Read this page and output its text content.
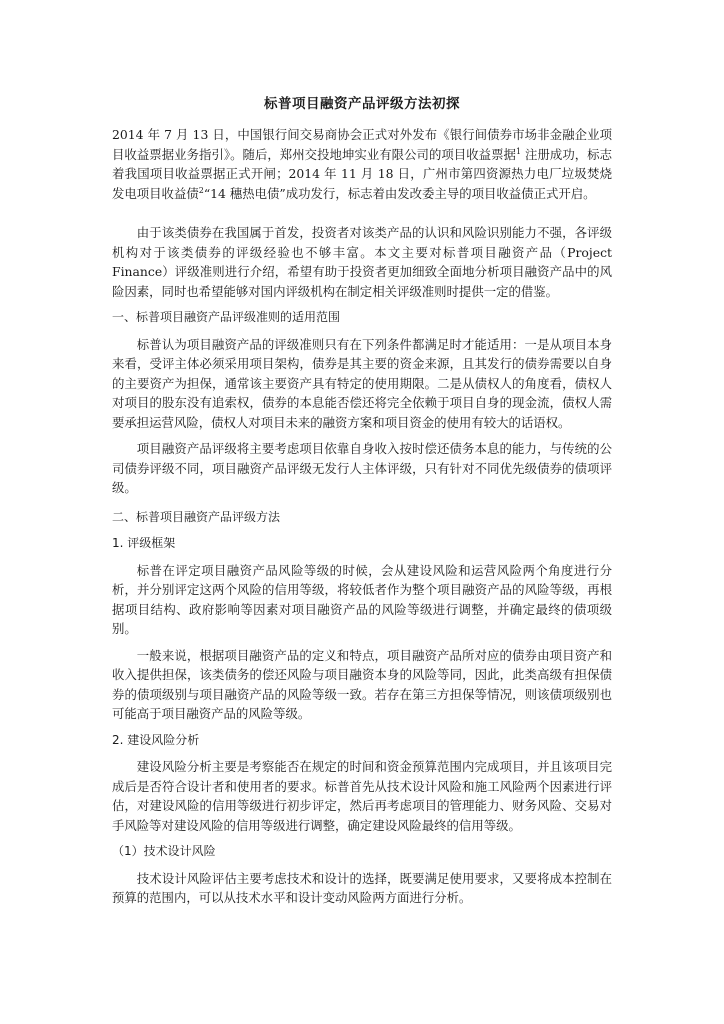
标普项目融资产品评级方法初探

2014 年 7 月 13 日，中国银行间交易商协会正式对外发布《银行间债券市场非金融企业项目收益票据业务指引》。随后，郑州交投地坤实业有限公司的项目收益票据$^1$ 注册成功，标志着我国项目收益票据正式开闸；2014 年 11 月 18 日，广州市第四资源热力电厂垃圾焚烧发电项目收益债$^2$“14 穗热电债”成功发行，标志着由发改委主导的项目收益债正式开启。

由于该类债券在我国属于首发，投资者对该类产品的认识和风险识别能力不强，各评级机构对于该类债券的评级经验也不够丰富。本文主要对标普项目融资产品（Project Finance）评级准则进行介绍，希望有助于投资者更加细致全面地分析项目融资产品中的风险因素，同时也希望能够对国内评级机构在制定相关评级准则时提供一定的借鉴。

一、标普项目融资产品评级准则的适用范围

标普认为项目融资产品的评级准则只有在下列条件都满足时才能适用：一是从项目本身来看，受评主体必须采用项目架构，债券是其主要的资金来源，且其发行的债券需要以自身的主要资产为担保，通常该主要资产具有特定的使用期限。二是从债权人的角度看，债权人对项目的股东没有追索权，债券的本息能否偿还将完全依赖于项目自身的现金流，债权人需要承担运营风险，债权人对项目未来的融资方案和项目资金的使用有较大的话语权。

项目融资产品评级将主要考虑项目依靠自身收入按时偿还债务本息的能力，与传统的公司债券评级不同，项目融资产品评级无发行人主体评级，只有针对不同优先级债券的债项评级。

二、标普项目融资产品评级方法

1. 评级框架

标普在评定项目融资产品风险等级的时候，会从建设风险和运营风险两个角度进行分析，并分别评定这两个风险的信用等级，将较低者作为整个项目融资产品的风险等级，再根据项目结构、政府影响等因素对项目融资产品的风险等级进行调整，并确定最终的债项级别。

一般来说，根据项目融资产品的定义和特点，项目融资产品所对应的债券由项目资产和收入提供担保，该类债务的偿还风险与项目融资本身的风险等同，因此，此类高级有担保债券的债项级别与项目融资产品的风险等级一致。若存在第三方担保等情况，则该债项级别也可能高于项目融资产品的风险等级。

2. 建设风险分析

建设风险分析主要是考察能否在规定的时间和资金预算范围内完成项目，并且该项目完成后是否符合设计者和使用者的要求。标普首先从技术设计风险和施工风险两个因素进行评估，对建设风险的信用等级进行初步评定，然后再考虑项目的管理能力、财务风险、交易对手风险等对建设风险的信用等级进行调整，确定建设风险最终的信用等级。

（1）技术设计风险

技术设计风险评估主要考虑技术和设计的选择，既要满足使用要求，又要将成本控制在预算的范围内，可以从技术水平和设计变动风险两方面进行分析。
